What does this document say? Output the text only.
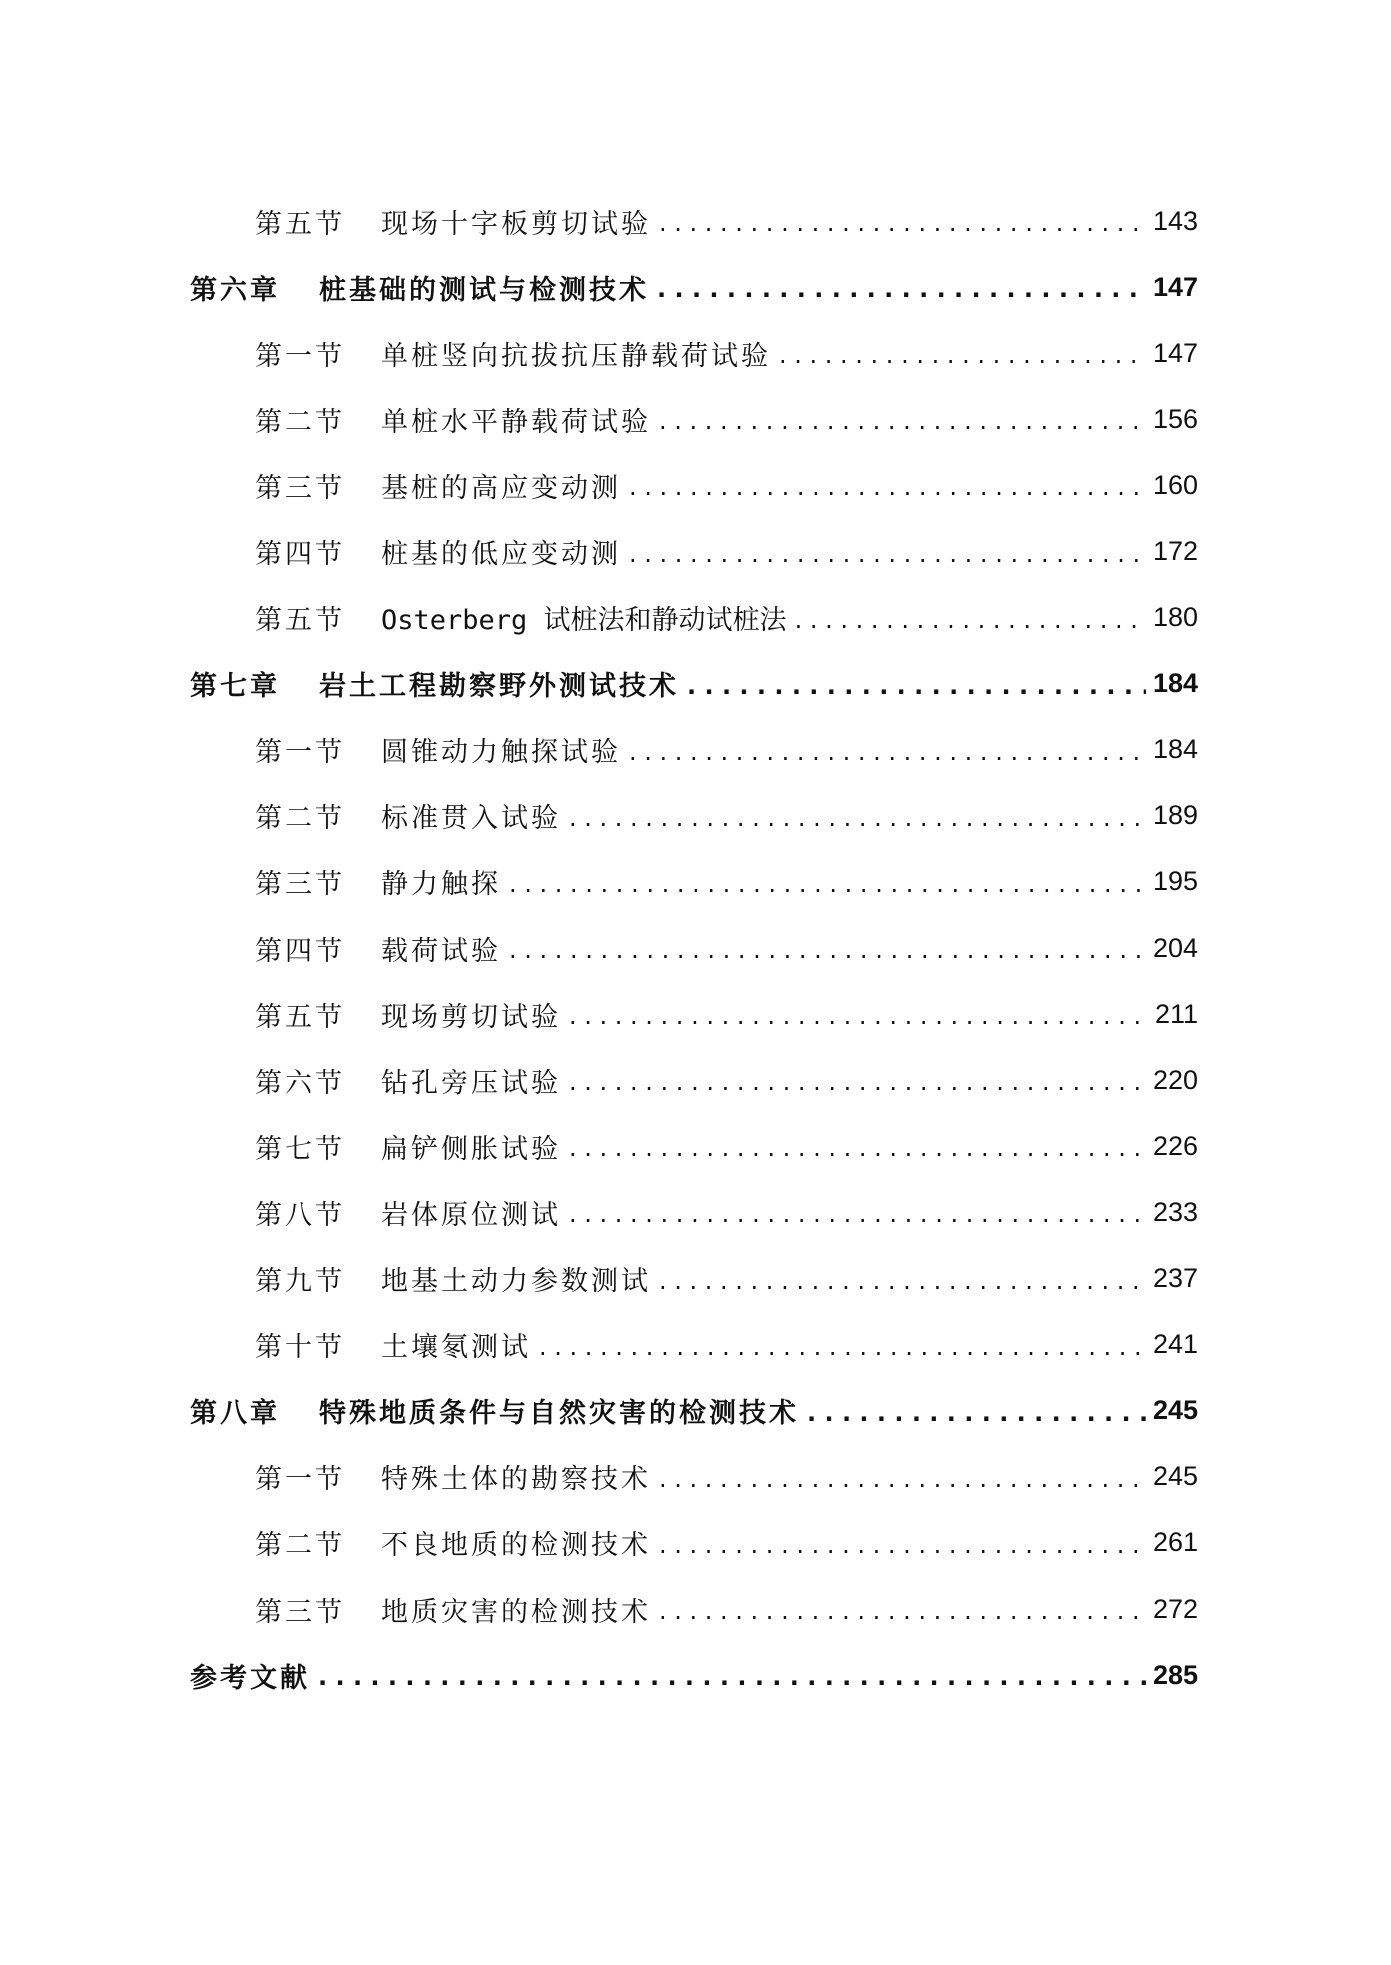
第五节	现场十字板剪切试验 . . .	143
第六章	桩基础的测试与检测技术 . . .	147
第一节	单桩竖向抗拔抗压静载荷试验 . . .	147
第二节	单桩水平静载荷试验 . . .	156
第三节	基桩的高应变动测 . . .	160
第四节	桩基的低应变动测 . . .	172
第五节	Osterberg 试桩法和静动试桩法 . . .	180
第七章	岩土工程勘察野外测试技术 . . .	184
第一节	圆锥动力触探试验 . . .	184
第二节	标准贯入试验 . . .	189
第三节	静力触探 . . .	195
第四节	载荷试验 . . .	204
第五节	现场剪切试验 . . .	211
第六节	钻孔旁压试验 . . .	220
第七节	扁铲侧胀试验 . . .	226
第八节	岩体原位测试 . . .	233
第九节	地基土动力参数测试 . . .	237
第十节	土壤氡测试 . . .	241
第八章	特殊地质条件与自然灾害的检测技术 . . .	245
第一节	特殊土体的勘察技术 . . .	245
第二节	不良地质的检测技术 . . .	261
第三节	地质灾害的检测技术 . . .	272
参考文献 . . .	285
